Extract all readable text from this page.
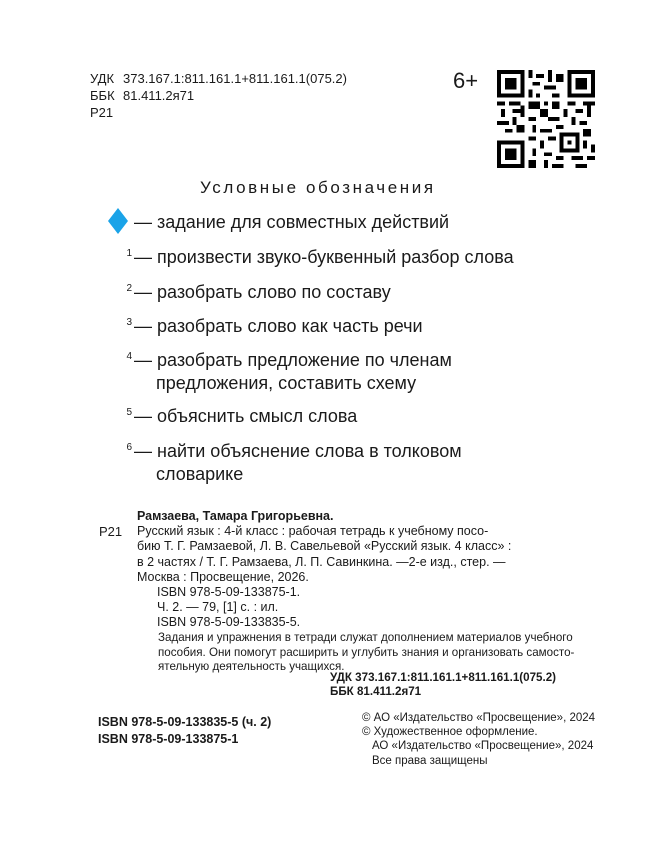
УДК 373.167.1:811.161.1+811.161.1(075.2)
ББК 81.411.2я71
Р21
6+
Условные обозначения
— задание для совместных действий
1 — произвести звуко-буквенный разбор слова
2 — разобрать слово по составу
3 — разобрать слово как часть речи
4 — разобрать предложение по членам
предложения, составить схему
5 — объяснить смысл слова
6 — найти объяснение слова в толковом
словарике
Р21
Рамзаева, Тамара Григорьевна.
Русский язык : 4-й класс : рабочая тетрадь к учебному посо-
бию Т. Г. Рамзаевой, Л. В. Савельевой «Русский язык. 4 класс» :
в 2 частях / Т. Г. Рамзаева, Л. П. Савинкина. —2-е изд., стер. —
Москва : Просвещение, 2026.
ISBN 978-5-09-133875-1.
Ч. 2. — 79, [1] с. : ил.
ISBN 978-5-09-133835-5.
Задания и упражнения в тетради служат дополнением материалов учебного
пособия. Они помогут расширить и углубить знания и организовать самосто-
ятельную деятельность учащихся.
УДК 373.167.1:811.161.1+811.161.1(075.2)
ББК 81.411.2я71
ISBN 978-5-09-133835-5 (ч. 2)
ISBN 978-5-09-133875-1
© АО «Издательство «Просвещение», 2024
© Художественное оформление.
АО «Издательство «Просвещение», 2024
Все права защищены
